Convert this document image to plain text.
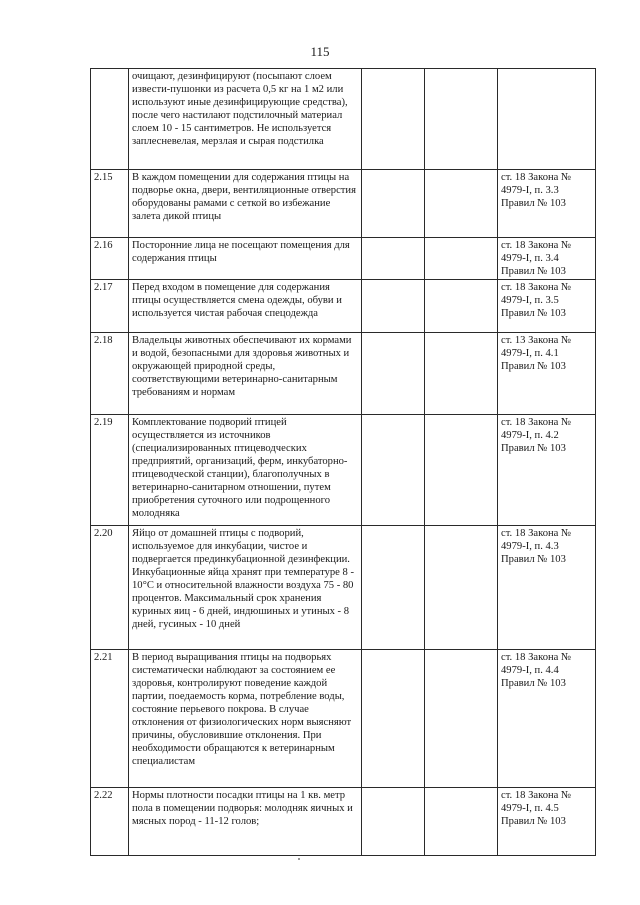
115
	очищают, дезинфицируют (посыпают слоем извести-пушонки из расчета 0,5 кг на 1 м2 или используют иные дезинфицирующие средства), после чего настилают подстилочный материал слоем 10 - 15 сантиметров. Не используется заплесневелая, мерзлая и сырая подстилка			
2.15	В каждом помещении для содержания птицы на подворье окна, двери, вентиляционные отверстия оборудованы рамами с сеткой во избежание залета дикой птицы			ст. 18 Закона № 4979-I, п. 3.3 Правил № 103
2.16	Посторонние лица не посещают помещения для содержания птицы			ст. 18 Закона № 4979-I, п. 3.4 Правил № 103
2.17	Перед входом в помещение для содержания птицы осуществляется смена одежды, обуви и используется чистая рабочая спецодежда			ст. 18 Закона № 4979-I, п. 3.5 Правил № 103
2.18	Владельцы животных обеспечивают их кормами и водой, безопасными для здоровья животных и окружающей природной среды, соответствующими ветеринарно-санитарным требованиям и нормам			ст. 13 Закона № 4979-I, п. 4.1 Правил № 103
2.19	Комплектование подворий птицей осуществляется из источников (специализированных птицеводческих предприятий, организаций, ферм, инкубаторно-птицеводческой станции), благополучных в ветеринарно-санитарном отношении, путем приобретения суточного или подрощенного молодняка			ст. 18 Закона № 4979-I, п. 4.2 Правил № 103
2.20	Яйцо от домашней птицы с подворий, используемое для инкубации, чистое и подвергается прединкубационной дезинфекции. Инкубационные яйца хранят при температуре 8 - 10°С и относительной влажности воздуха 75 - 80 процентов. Максимальный срок хранения куриных яиц - 6 дней, индюшиных и утиных - 8 дней, гусиных - 10 дней			ст. 18 Закона № 4979-I, п. 4.3 Правил № 103
2.21	В период выращивания птицы на подворьях систематически наблюдают за состоянием ее здоровья, контролируют поведение каждой партии, поедаемость корма, потребление воды, состояние перьевого покрова. В случае отклонения от физиологических норм выясняют причины, обусловившие отклонения. При необходимости обращаются к ветеринарным специалистам			ст. 18 Закона № 4979-I, п. 4.4 Правил № 103
2.22	Нормы плотности посадки птицы на 1 кв. метр пола в помещении подворья: молодняк яичных и мясных пород - 11-12 голов;			ст. 18 Закона № 4979-I, п. 4.5 Правил № 103
